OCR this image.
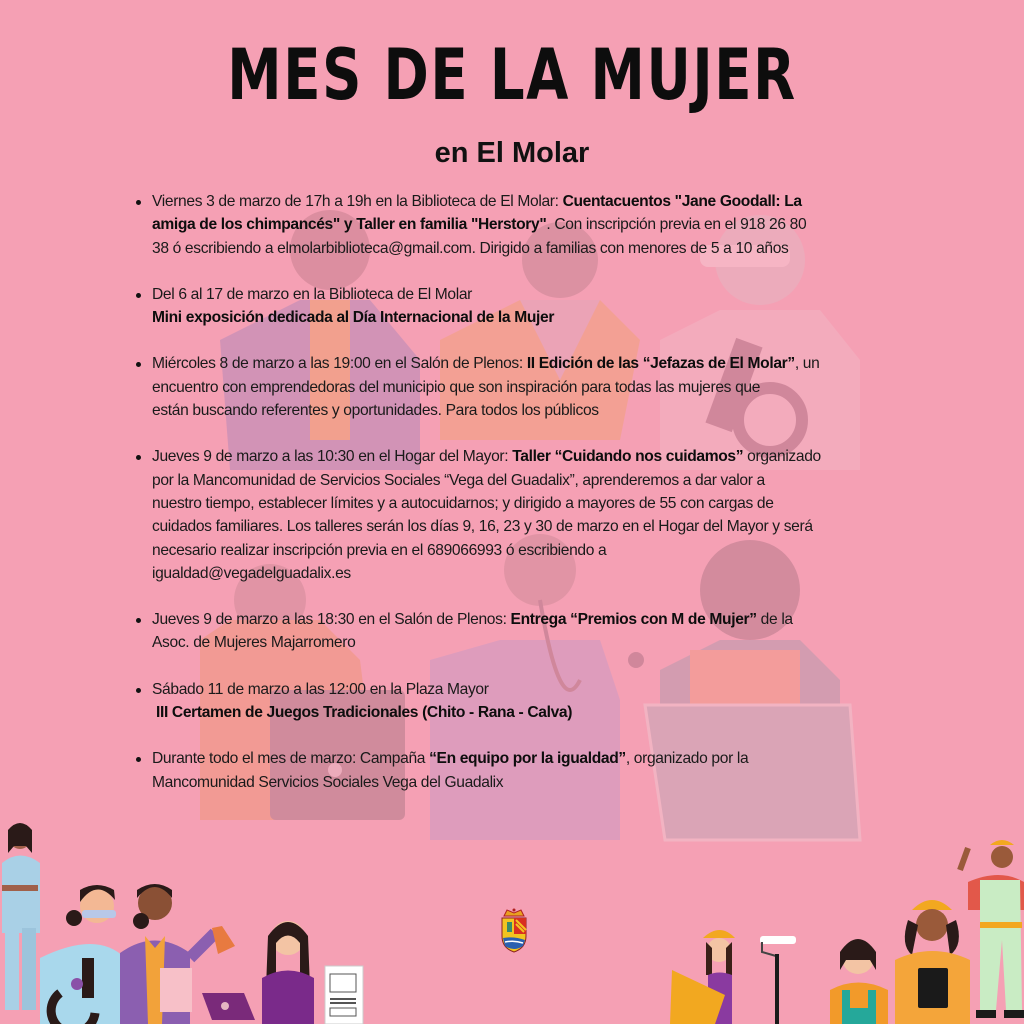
MES DE LA MUJER
en El Molar
Viernes 3 de marzo de 17h a 19h en la Biblioteca de El Molar: Cuentacuentos "Jane Goodall: La
amiga de los chimpancés" y Taller en familia "Herstory". Con inscripción previa en el 918 26 80
38 ó escribiendo a elmolarbiblioteca@gmail.com. Dirigido a familias con menores de 5 a 10 años
Del 6 al 17 de marzo en la Biblioteca de El Molar
Mini exposición dedicada al Día Internacional de la Mujer
Miércoles 8 de marzo a las 19:00 en el Salón de Plenos: II Edición de las “Jefazas de El Molar”, un
encuentro con emprendedoras del municipio que son inspiración para todas las mujeres que
están buscando referentes y oportunidades. Para todos los públicos
Jueves 9 de marzo a las 10:30 en el Hogar del Mayor: Taller “Cuidando nos cuidamos” organizado
por la Mancomunidad de Servicios Sociales “Vega del Guadalix”, aprenderemos a dar valor a
nuestro tiempo, establecer límites y a autocuidarnos; y dirigido a mayores de 55 con cargas de
cuidados familiares. Los talleres serán los días 9, 16, 23 y 30 de marzo en el Hogar del Mayor y será
necesario realizar inscripción previa en el 689066993 ó escribiendo a
igualdad@vegadelguadalix.es
Jueves 9 de marzo a las 18:30 en el Salón de Plenos: Entrega “Premios con M de Mujer” de la
Asoc. de Mujeres Majarromero
Sábado 11 de marzo a las 12:00 en la Plaza Mayor
III Certamen de Juegos Tradicionales (Chito - Rana - Calva)
Durante todo el mes de marzo: Campaña “En equipo por la igualdad”, organizado por la
Mancomunidad Servicios Sociales Vega del Guadalix
